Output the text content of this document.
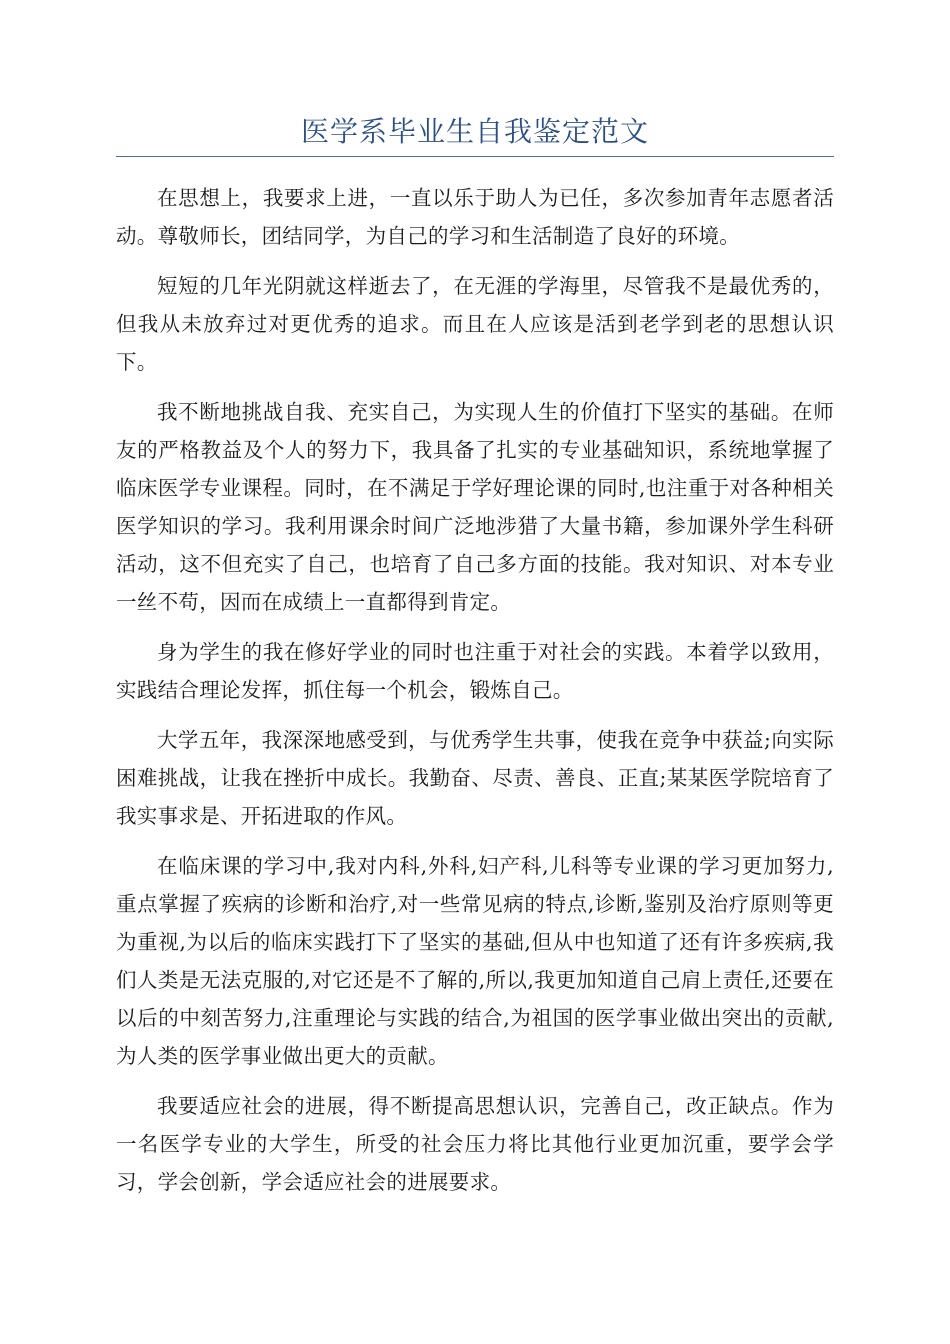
医学系毕业生自我鉴定范文

在思想上，我要求上进，一直以乐于助人为已任，多次参加青年志愿者活动。尊敬师长，团结同学，为自己的学习和生活制造了良好的环境。

短短的几年光阴就这样逝去了，在无涯的学海里，尽管我不是最优秀的，但我从未放弃过对更优秀的追求。而且在人应该是活到老学到老的思想认识下。

我不断地挑战自我、充实自己，为实现人生的价值打下坚实的基础。在师友的严格教益及个人的努力下，我具备了扎实的专业基础知识，系统地掌握了临床医学专业课程。同时，在不满足于学好理论课的同时,也注重于对各种相关医学知识的学习。我利用课余时间广泛地涉猎了大量书籍，参加课外学生科研活动，这不但充实了自己，也培育了自己多方面的技能。我对知识、对本专业一丝不苟，因而在成绩上一直都得到肯定。

身为学生的我在修好学业的同时也注重于对社会的实践。本着学以致用，实践结合理论发挥，抓住每一个机会，锻炼自己。

大学五年，我深深地感受到，与优秀学生共事，使我在竞争中获益;向实际困难挑战，让我在挫折中成长。我勤奋、尽责、善良、正直;某某医学院培育了我实事求是、开拓进取的作风。

在临床课的学习中,我对内科,外科,妇产科,儿科等专业课的学习更加努力,重点掌握了疾病的诊断和治疗,对一些常见病的特点,诊断,鉴别及治疗原则等更为重视,为以后的临床实践打下了坚实的基础,但从中也知道了还有许多疾病,我们人类是无法克服的,对它还是不了解的,所以,我更加知道自己肩上责任,还要在以后的中刻苦努力,注重理论与实践的结合,为祖国的医学事业做出突出的贡献,为人类的医学事业做出更大的贡献。

我要适应社会的进展，得不断提高思想认识，完善自己，改正缺点。作为一名医学专业的大学生，所受的社会压力将比其他行业更加沉重，要学会学习，学会创新，学会适应社会的进展要求。
